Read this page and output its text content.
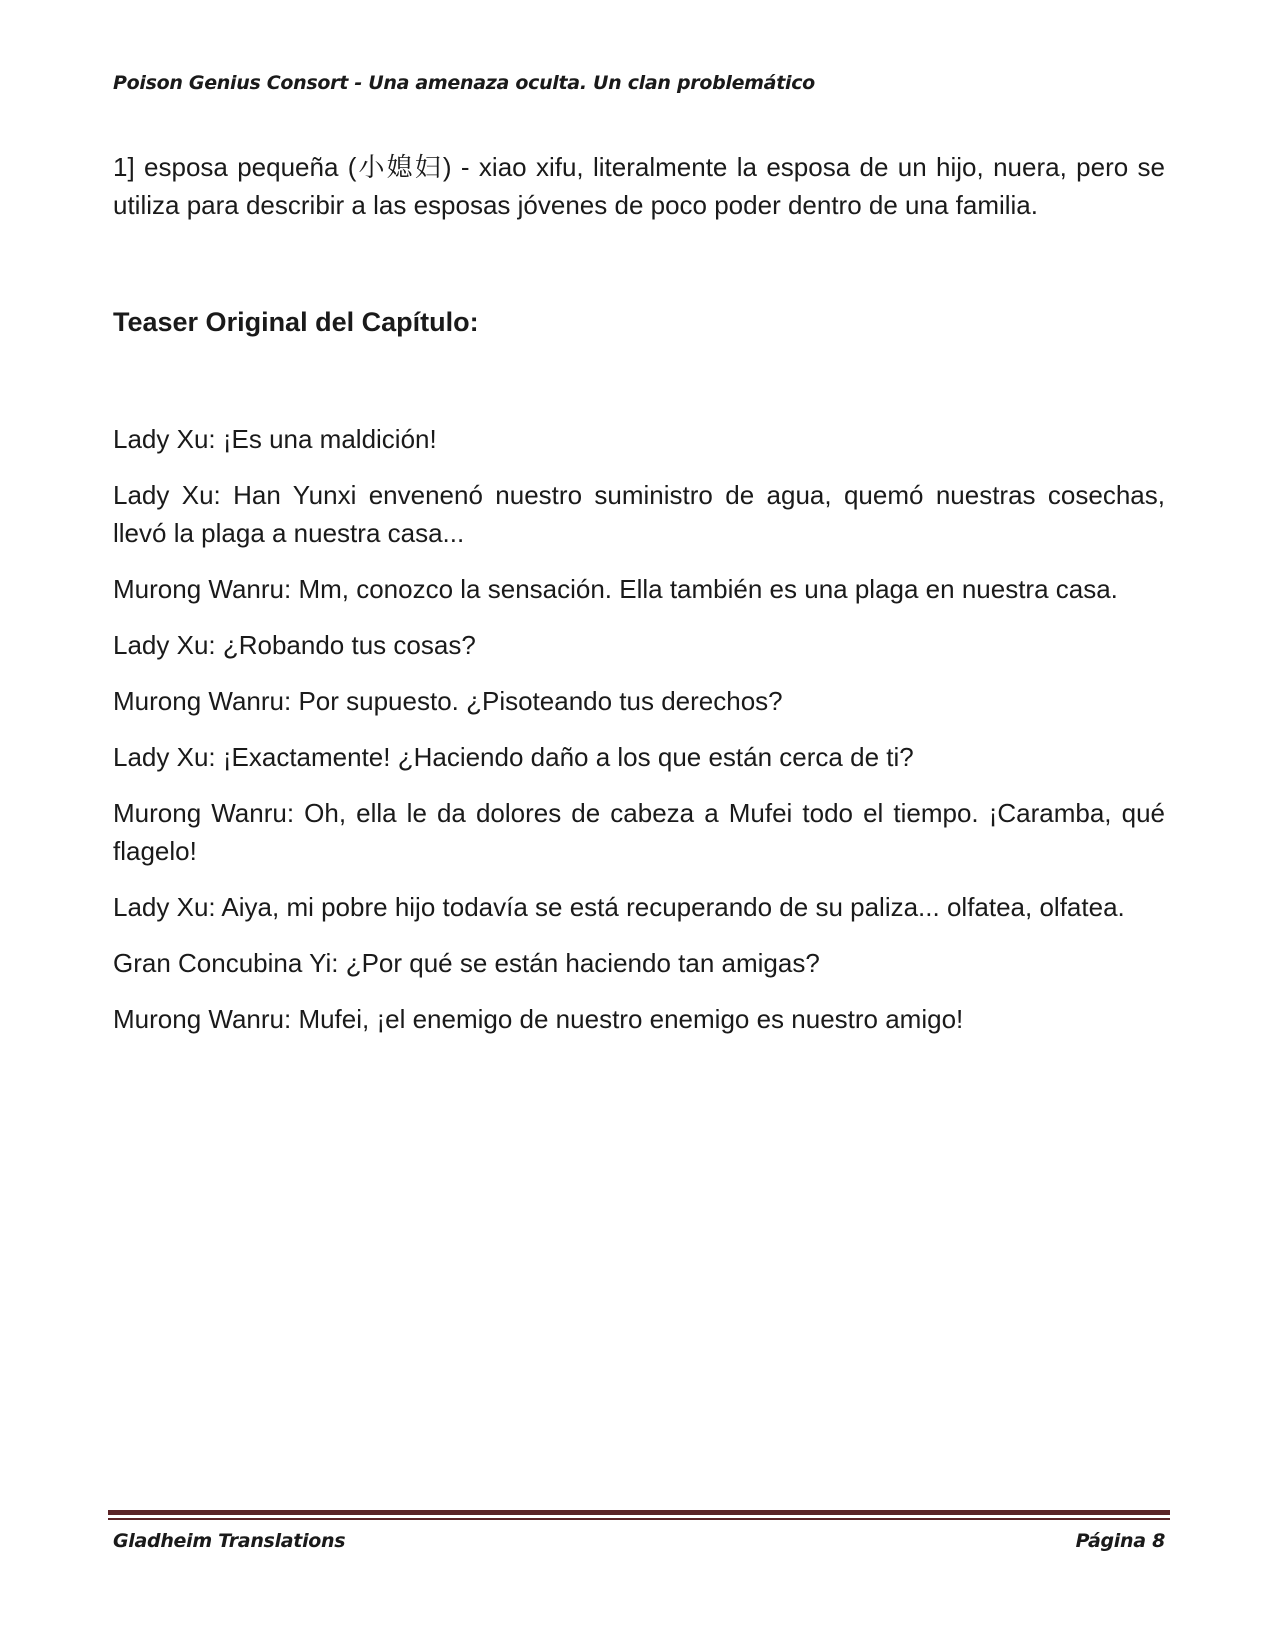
Poison Genius Consort - Una amenaza oculta. Un clan problemático

1] esposa pequeña (小媳妇) - xiao xifu, literalmente la esposa de un hijo, nuera, pero se utiliza para describir a las esposas jóvenes de poco poder dentro de una familia.

Teaser Original del Capítulo:

Lady Xu: ¡Es una maldición!

Lady Xu: Han Yunxi envenenó nuestro suministro de agua, quemó nuestras cosechas, llevó la plaga a nuestra casa...

Murong Wanru: Mm, conozco la sensación. Ella también es una plaga en nuestra casa.

Lady Xu: ¿Robando tus cosas?

Murong Wanru: Por supuesto. ¿Pisoteando tus derechos?

Lady Xu: ¡Exactamente! ¿Haciendo daño a los que están cerca de ti?

Murong Wanru: Oh, ella le da dolores de cabeza a Mufei todo el tiempo. ¡Caramba, qué flagelo!

Lady Xu: Aiya, mi pobre hijo todavía se está recuperando de su paliza... olfatea, olfatea.

Gran Concubina Yi: ¿Por qué se están haciendo tan amigas?

Murong Wanru: Mufei, ¡el enemigo de nuestro enemigo es nuestro amigo!

Gladheim Translations	Página 8
